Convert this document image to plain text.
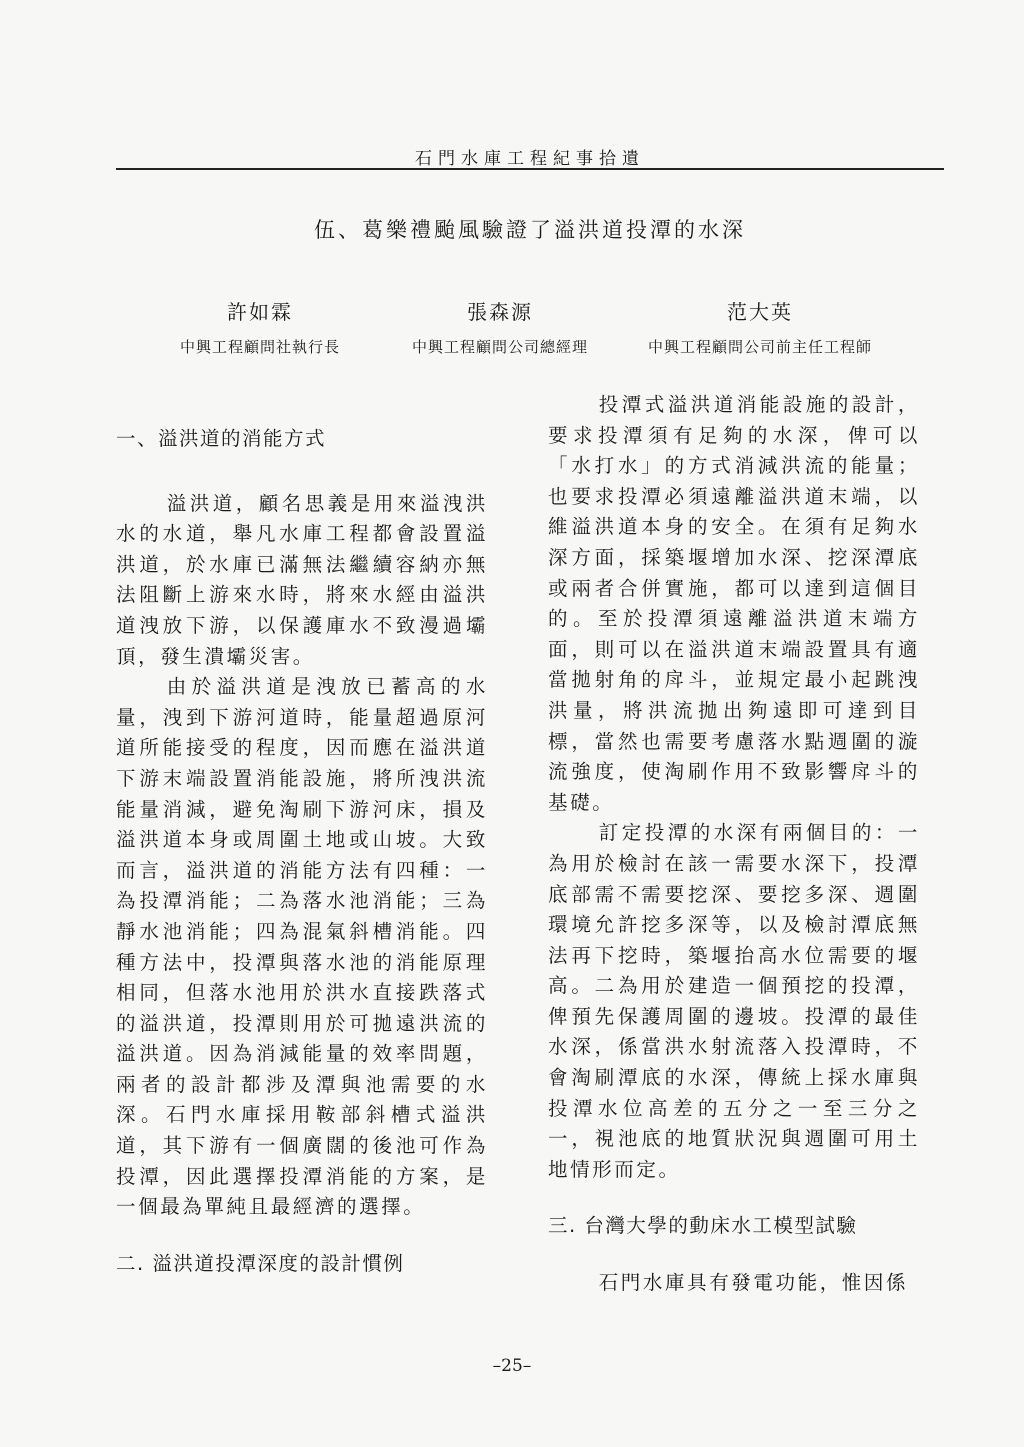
石門水庫工程紀事拾遺
伍、葛樂禮颱風驗證了溢洪道投潭的水深
許如霖
中興工程顧問社執行長
張森源
中興工程顧問公司總經理
范大英
中興工程顧問公司前主任工程師
一、溢洪道的消能方式

溢洪道，顧名思義是用來溢洩洪水的水道，舉凡水庫工程都會設置溢洪道，於水庫已滿無法繼續容納亦無法阻斷上游來水時，將來水經由溢洪道洩放下游，以保護庫水不致漫過壩頂，發生潰壩災害。

由於溢洪道是洩放已蓄高的水量，洩到下游河道時，能量超過原河道所能接受的程度，因而應在溢洪道下游末端設置消能設施，將所洩洪流能量消減，避免淘刷下游河床，損及溢洪道本身或周圍土地或山坡。大致而言，溢洪道的消能方法有四種：一為投潭消能；二為落水池消能；三為靜水池消能；四為混氣斜槽消能。四種方法中，投潭與落水池的消能原理相同，但落水池用於洪水直接跌落式的溢洪道，投潭則用於可拋遠洪流的溢洪道。因為消減能量的效率問題，兩者的設計都涉及潭與池需要的水深。石門水庫採用鞍部斜槽式溢洪道，其下游有一個廣闊的後池可作為投潭，因此選擇投潭消能的方案，是一個最為單純且最經濟的選擇。

二. 溢洪道投潭深度的設計慣例

投潭式溢洪道消能設施的設計，要求投潭須有足夠的水深，俾可以「水打水」的方式消減洪流的能量；也要求投潭必須遠離溢洪道末端，以維溢洪道本身的安全。在須有足夠水深方面，採築堰增加水深、挖深潭底或兩者合併實施，都可以達到這個目的。至於投潭須遠離溢洪道末端方面，則可以在溢洪道末端設置具有適當拋射角的戽斗，並規定最小起跳洩洪量，將洪流拋出夠遠即可達到目標，當然也需要考慮落水點週圍的漩流強度，使淘刷作用不致影響戽斗的基礎。

訂定投潭的水深有兩個目的：一為用於檢討在該一需要水深下，投潭底部需不需要挖深、要挖多深、週圍環境允許挖多深等，以及檢討潭底無法再下挖時，築堰抬高水位需要的堰高。二為用於建造一個預挖的投潭，俾預先保護周圍的邊坡。投潭的最佳水深，係當洪水射流落入投潭時，不會淘刷潭底的水深，傳統上採水庫與投潭水位高差的五分之一至三分之一，視池底的地質狀況與週圍可用土地情形而定。

三. 台灣大學的動床水工模型試驗

石門水庫具有發電功能，惟因係

–25–
